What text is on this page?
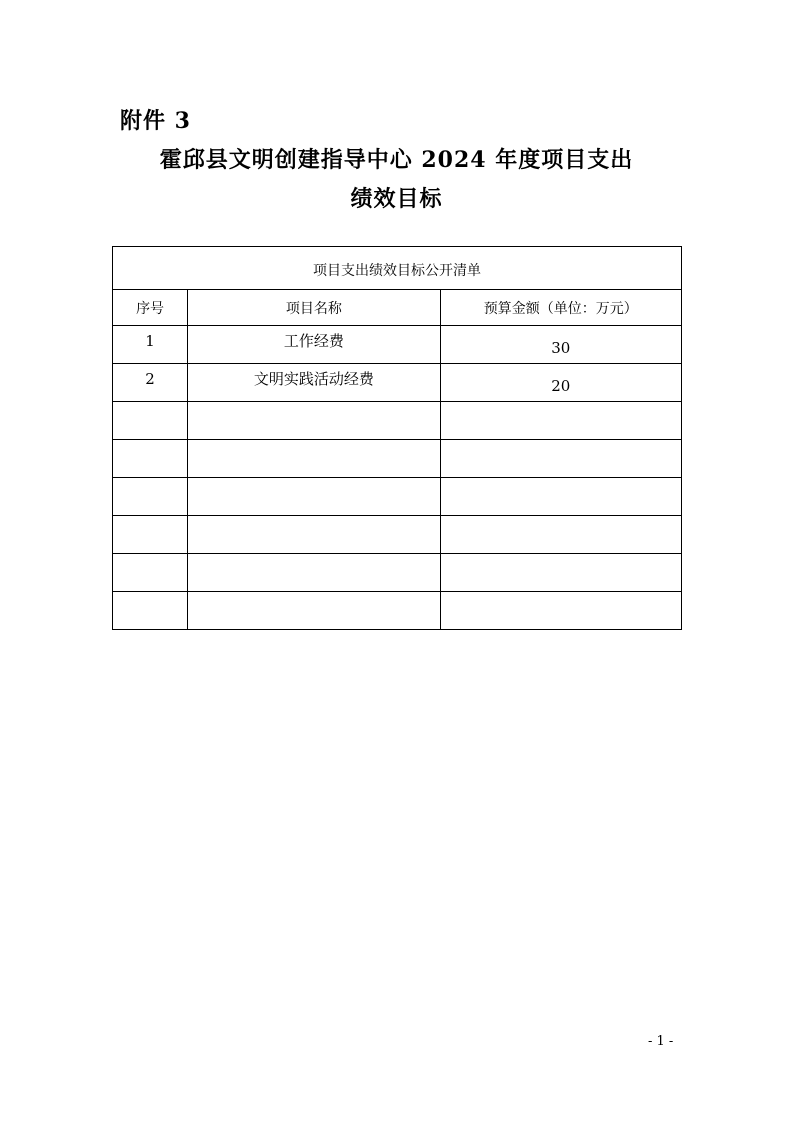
附件 3
霍邱县文明创建指导中心 2024 年度项目支出
绩效目标
项目支出绩效目标公开清单		
序号	项目名称	预算金额（单位：万元）
1	工作经费	30
2	文明实践活动经费	20

- 1 -
